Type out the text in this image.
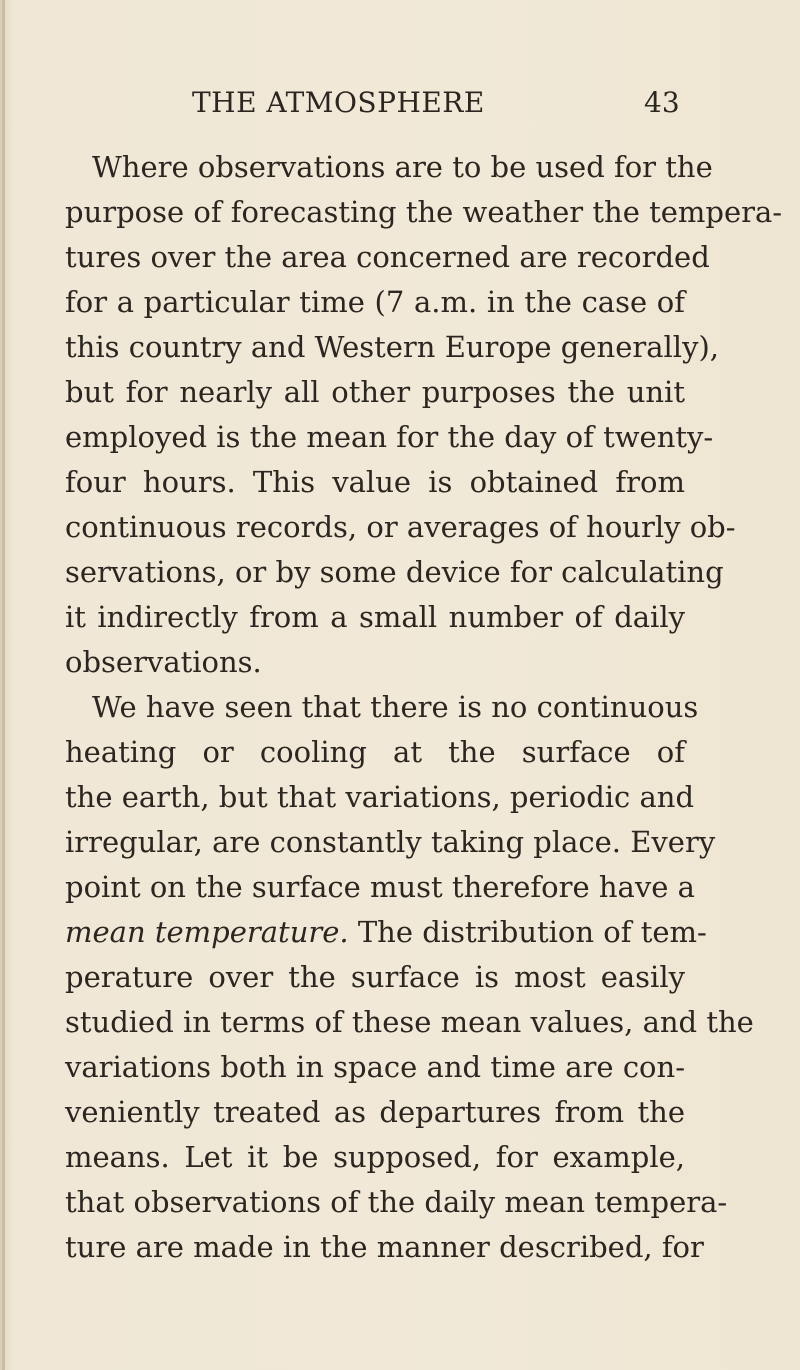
THE ATMOSPHERE	43
Where observations are to be used for the
purpose of forecasting the weather the tempera-
tures over the area concerned are recorded
for a particular time (7 a.m. in the case of
this country and Western Europe generally),
but for nearly all other purposes the unit
employed is the mean for the day of twenty-
four hours. This value is obtained from
continuous records, or averages of hourly ob-
servations, or by some device for calculating
it indirectly from a small number of daily
observations.
We have seen that there is no continuous
heating or cooling at the surface of
the earth, but that variations, periodic and
irregular, are constantly taking place. Every
point on the surface must therefore have a
mean temperature. The distribution of tem-
perature over the surface is most easily
studied in terms of these mean values, and the
variations both in space and time are con-
veniently treated as departures from the
means. Let it be supposed, for example,
that observations of the daily mean tempera-
ture are made in the manner described, for
